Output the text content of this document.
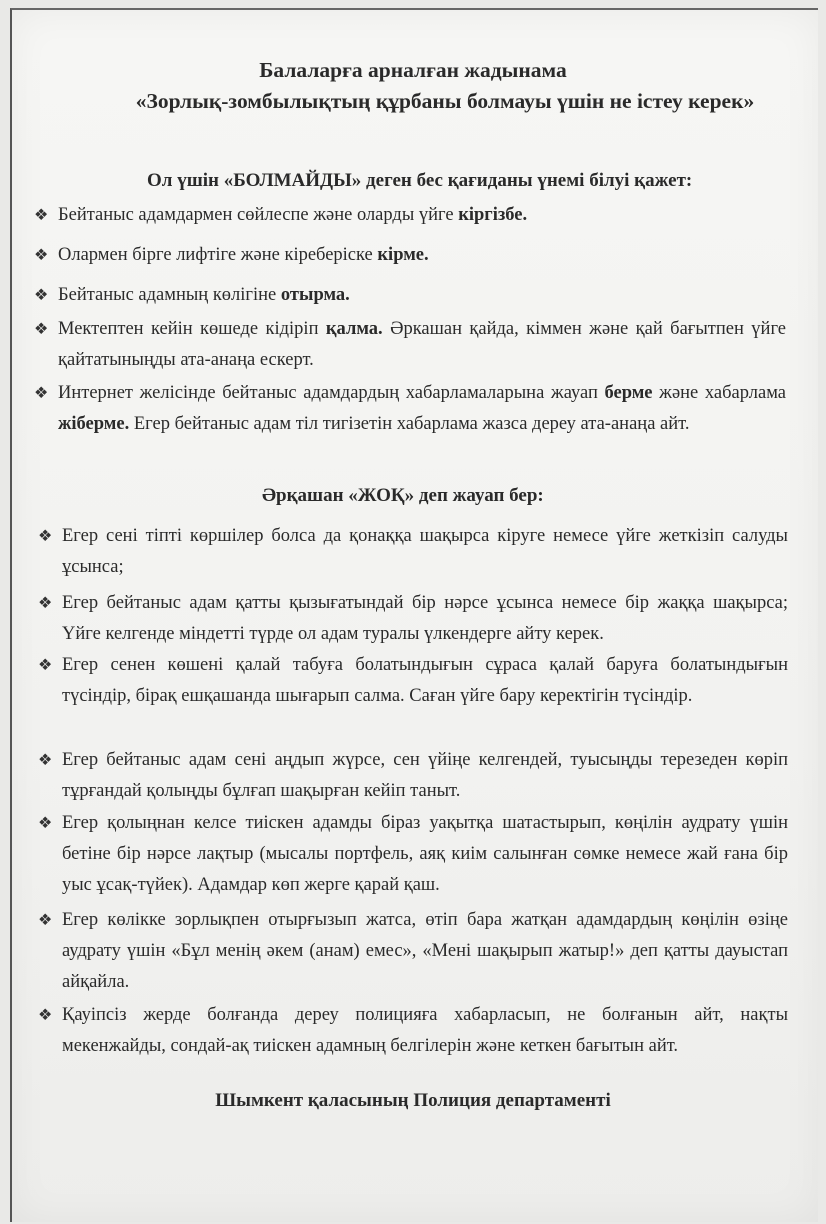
Балаларға арналған жадынама
«Зорлық-зомбылықтың құрбаны болмауы үшін не істеу керек»
Ол үшін «БОЛМАЙДЫ» деген бес қағиданы үнемі білуі қажет:
❖ Бейтаныс адамдармен сөйлеспе және оларды үйге кіргізбе.
❖ Олармен бірге лифтіге және кіреберіске кірме.
❖ Бейтаныс адамның көлігіне отырма.
❖ Мектептен кейін көшеде кідіріп қалма. Әркашан қайда, кіммен және қай бағытпен үйге қайтатыныңды ата-анаңа ескерт.
❖ Интернет желісінде бейтаныс адамдардың хабарламаларына жауап берме және хабарлама жіберме. Егер бейтаныс адам тіл тигізетін хабарлама жазса дереу ата-анаңа айт.
Әрқашан «ЖОҚ» деп жауап бер:
❖ Егер сені тіпті көршілер болса да қонаққа шақырса кіруге немесе үйге жеткізіп салуды ұсынса;
❖ Егер бейтаныс адам қатты қызығатындай бір нәрсе ұсынса немесе бір жаққа шақырса; Үйге келгенде міндетті түрде ол адам туралы үлкендерге айту керек.
❖ Егер сенен көшені қалай табуға болатындығын сұраса қалай баруға болатындығын түсіндір, бірақ ешқашанда шығарып салма. Саған үйге бару керектігін түсіндір.
❖ Егер бейтаныс адам сені аңдып жүрсе, сен үйіңе келгендей, туысыңды терезеден көріп тұрғандай қолыңды бұлғап шақырған кейіп таныт.
❖ Егер қолыңнан келсе тиіскен адамды біраз уақытқа шатастырып, көңілін аудрату үшін бетіне бір нәрсе лақтыр (мысалы портфель, аяқ киім салынған сөмке немесе жай ғана бір уыс ұсақ-түйек). Адамдар көп жерге қарай қаш.
❖ Егер көлікке зорлықпен отырғызып жатса, өтіп бара жатқан адамдардың көңілін өзіңе аудрату үшін «Бұл менің әкем (анам) емес», «Мені шақырып жатыр!» деп қатты дауыстап айқайла.
❖ Қауіпсіз жерде болғанда дереу полицияға хабарласып, не болғанын айт, нақты мекенжайды, сондай-ақ тиіскен адамның белгілерін және кеткен бағытын айт.
Шымкент қаласының Полиция департаменті
